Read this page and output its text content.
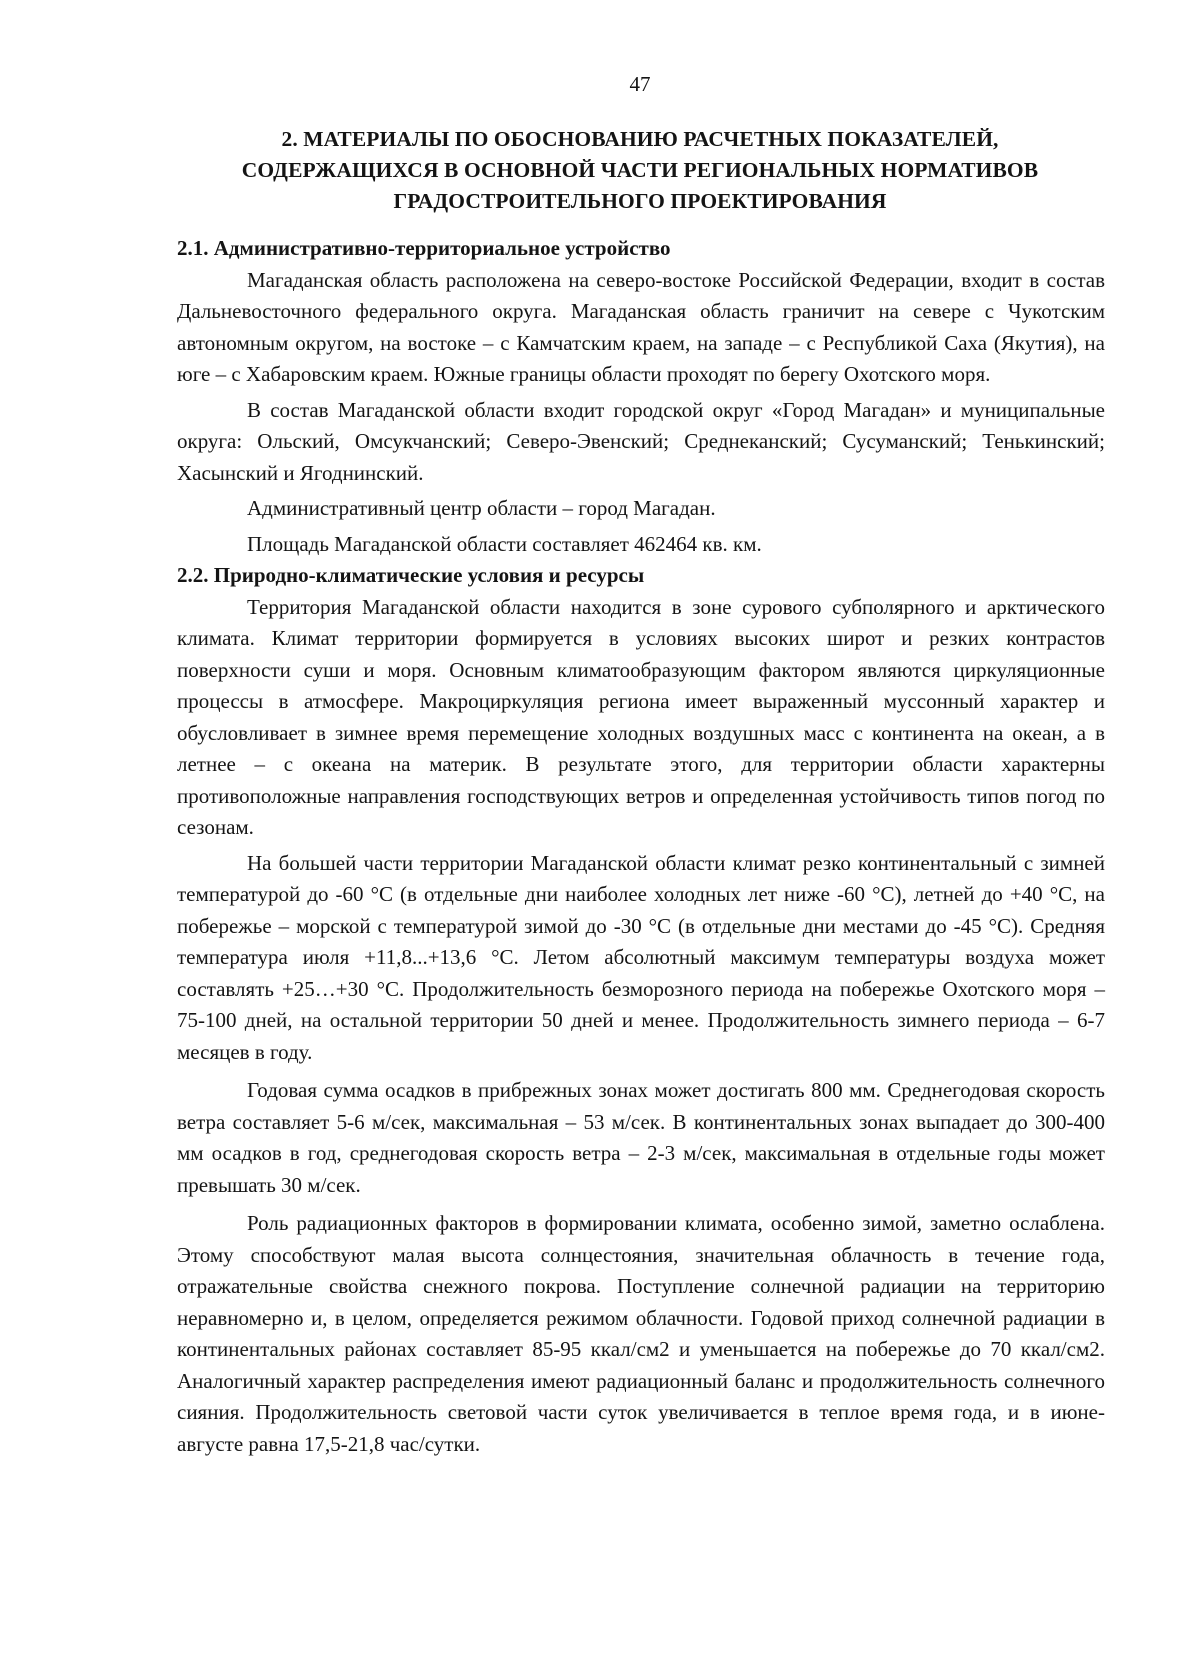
47
2. МАТЕРИАЛЫ ПО ОБОСНОВАНИЮ РАСЧЕТНЫХ ПОКАЗАТЕЛЕЙ,
СОДЕРЖАЩИХСЯ В ОСНОВНОЙ ЧАСТИ РЕГИОНАЛЬНЫХ НОРМАТИВОВ
ГРАДОСТРОИТЕЛЬНОГО ПРОЕКТИРОВАНИЯ
2.1. Административно-территориальное устройство

Магаданская область расположена на северо-востоке Российской Федерации, входит в состав Дальневосточного федерального округа. Магаданская область граничит на севере с Чукотским автономным округом, на востоке – с Камчатским краем, на западе – с Республикой Саха (Якутия), на юге – с Хабаровским краем. Южные границы области проходят по берегу Охотского моря.

В состав Магаданской области входит городской округ «Город Магадан» и муниципальные округа: Ольский, Омсукчанский; Северо-Эвенский; Среднеканский; Сусуманский; Тенькинский; Хасынский и Ягоднинский.

Административный центр области – город Магадан.

Площадь Магаданской области составляет 462464 кв. км.

2.2. Природно-климатические условия и ресурсы

Территория Магаданской области находится в зоне сурового субполярного и арктического климата. Климат территории формируется в условиях высоких широт и резких контрастов поверхности суши и моря. Основным климатообразующим фактором являются циркуляционные процессы в атмосфере. Макроциркуляция региона имеет выраженный муссонный характер и обусловливает в зимнее время перемещение холодных воздушных масс с континента на океан, а в летнее – с океана на материк. В результате этого, для территории области характерны противоположные направления господствующих ветров и определенная устойчивость типов погод по сезонам.

На большей части территории Магаданской области климат резко континентальный с зимней температурой до -60 °С (в отдельные дни наиболее холодных лет ниже -60 °С), летней до +40 °С, на побережье – морской с температурой зимой до -30 °С (в отдельные дни местами до -45 °С). Средняя температура июля +11,8...+13,6 °С. Летом абсолютный максимум температуры воздуха может составлять +25…+30 °С. Продолжительность безморозного периода на побережье Охотского моря – 75-100 дней, на остальной территории 50 дней и менее. Продолжительность зимнего периода – 6-7 месяцев в году.

Годовая сумма осадков в прибрежных зонах может достигать 800 мм. Среднегодовая скорость ветра составляет 5-6 м/сек, максимальная – 53 м/сек. В континентальных зонах выпадает до 300-400 мм осадков в год, среднегодовая скорость ветра – 2-3 м/сек, максимальная в отдельные годы может превышать 30 м/сек.

Роль радиационных факторов в формировании климата, особенно зимой, заметно ослаблена. Этому способствуют малая высота солнцестояния, значительная облачность в течение года, отражательные свойства снежного покрова. Поступление солнечной радиации на территорию неравномерно и, в целом, определяется режимом облачности. Годовой приход солнечной радиации в континентальных районах составляет 85-95 ккал/см2 и уменьшается на побережье до 70 ккал/см2. Аналогичный характер распределения имеют радиационный баланс и продолжительность солнечного сияния. Продолжительность световой части суток увеличивается в теплое время года, и в июне-августе равна 17,5-21,8 час/сутки.
